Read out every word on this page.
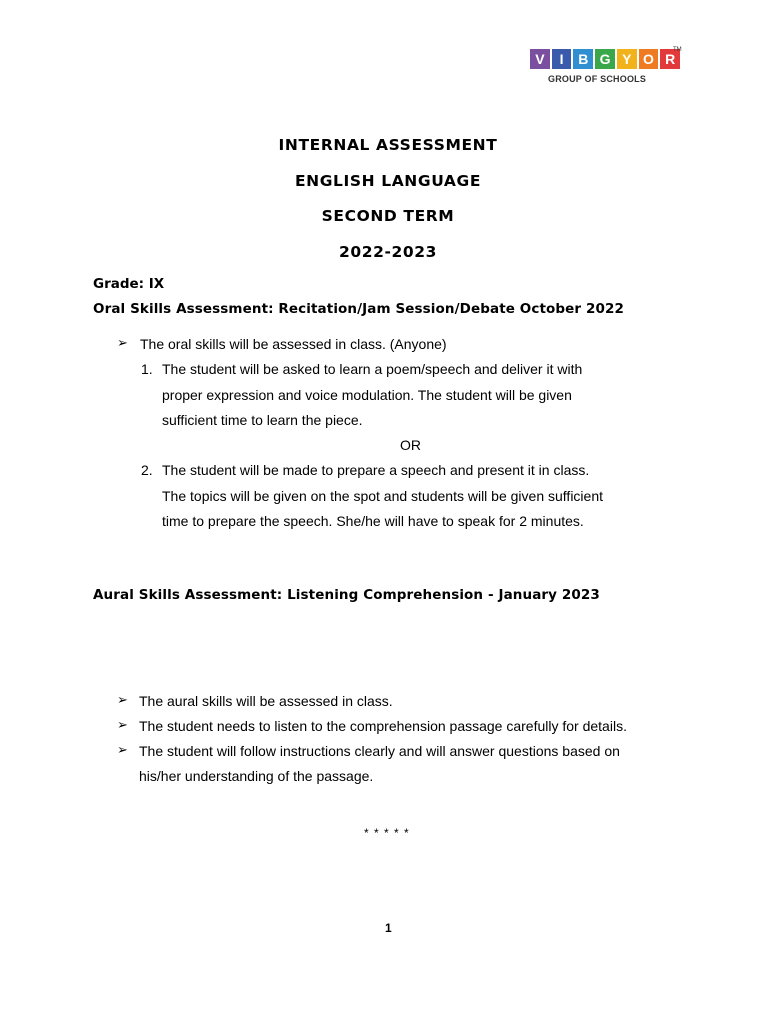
V	I	B G Y O R
TM
GROUP OF SCHOOLS
INTERNAL ASSESSMENT
ENGLISH LANGUAGE
SECOND TERM
2022-2023
Grade: IX
Oral Skills Assessment: Recitation/Jam Session/Debate October 2022
➢ The oral skills will be assessed in class. (Anyone)
1. The student will be asked to learn a poem/speech and deliver it with
proper expression and voice modulation. The student will be given
sufficient time to learn the piece.
OR
2. The student will be made to prepare a speech and present it in class.
The topics will be given on the spot and students will be given sufficient
time to prepare the speech. She/he will have to speak for 2 minutes.
Aural Skills Assessment: Listening Comprehension - January 2023
➢ The aural skills will be assessed in class.
➢ The student needs to listen to the comprehension passage carefully for details.
➢ The student will follow instructions clearly and will answer questions based on
his/her understanding of the passage.
* * * * *
1
